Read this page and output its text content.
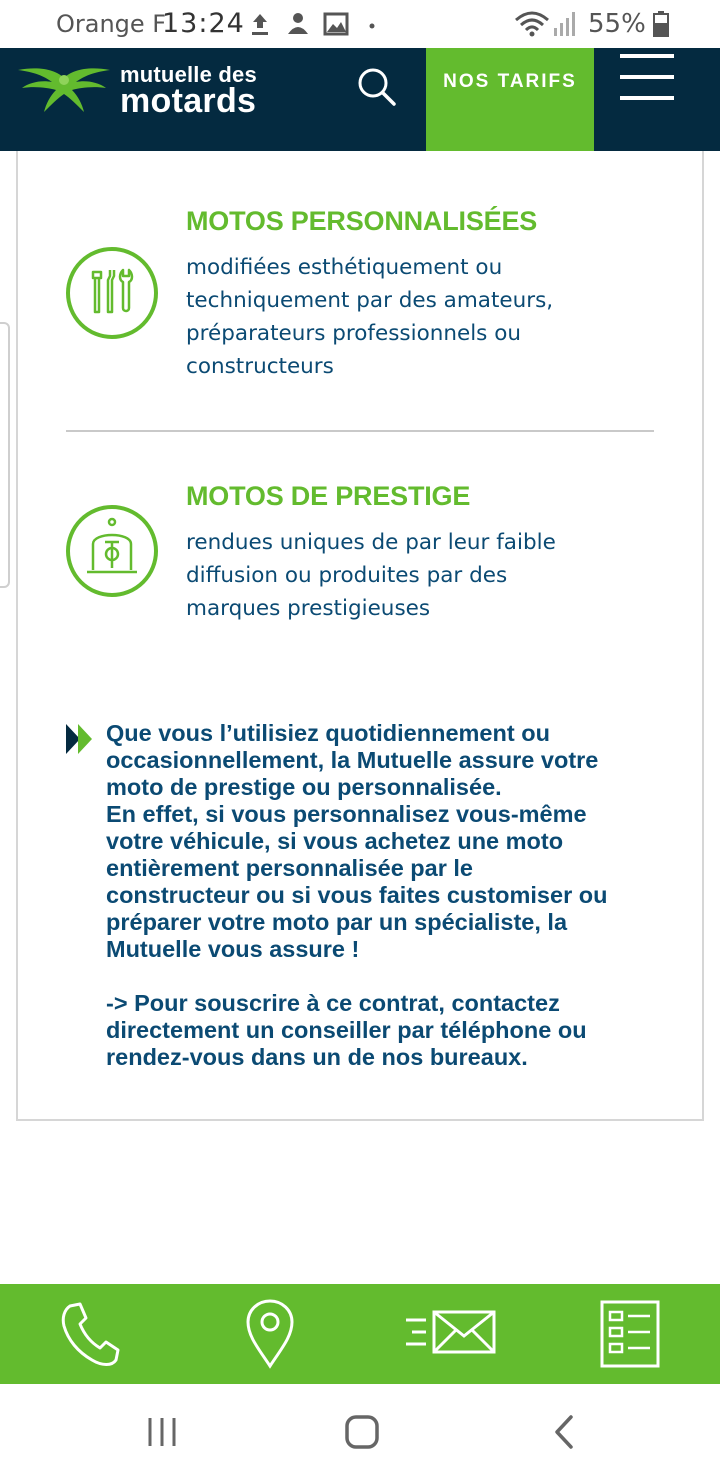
Orange F
13:24	55%
mutuelle des
motards
NOS TARIFS
MOTOS PERSONNALISÉES
modifiées esthétiquement ou
techniquement par des amateurs,
préparateurs professionnels ou
constructeurs
MOTOS DE PRESTIGE
rendues uniques de par leur faible
diffusion ou produites par des
marques prestigieuses

Que vous l’utilisiez quotidiennement ou

occasionnellement, la Mutuelle assure votre

moto de prestige ou personnalisée.

En effet, si vous personnalisez vous-même

votre véhicule, si vous achetez une moto

entièrement personnalisée par le

constructeur ou si vous faites customiser ou

préparer votre moto par un spécialiste, la

Mutuelle vous assure !

-> Pour souscrire à ce contrat, contactez

directement un conseiller par téléphone ou

rendez-vous dans un de nos bureaux.
